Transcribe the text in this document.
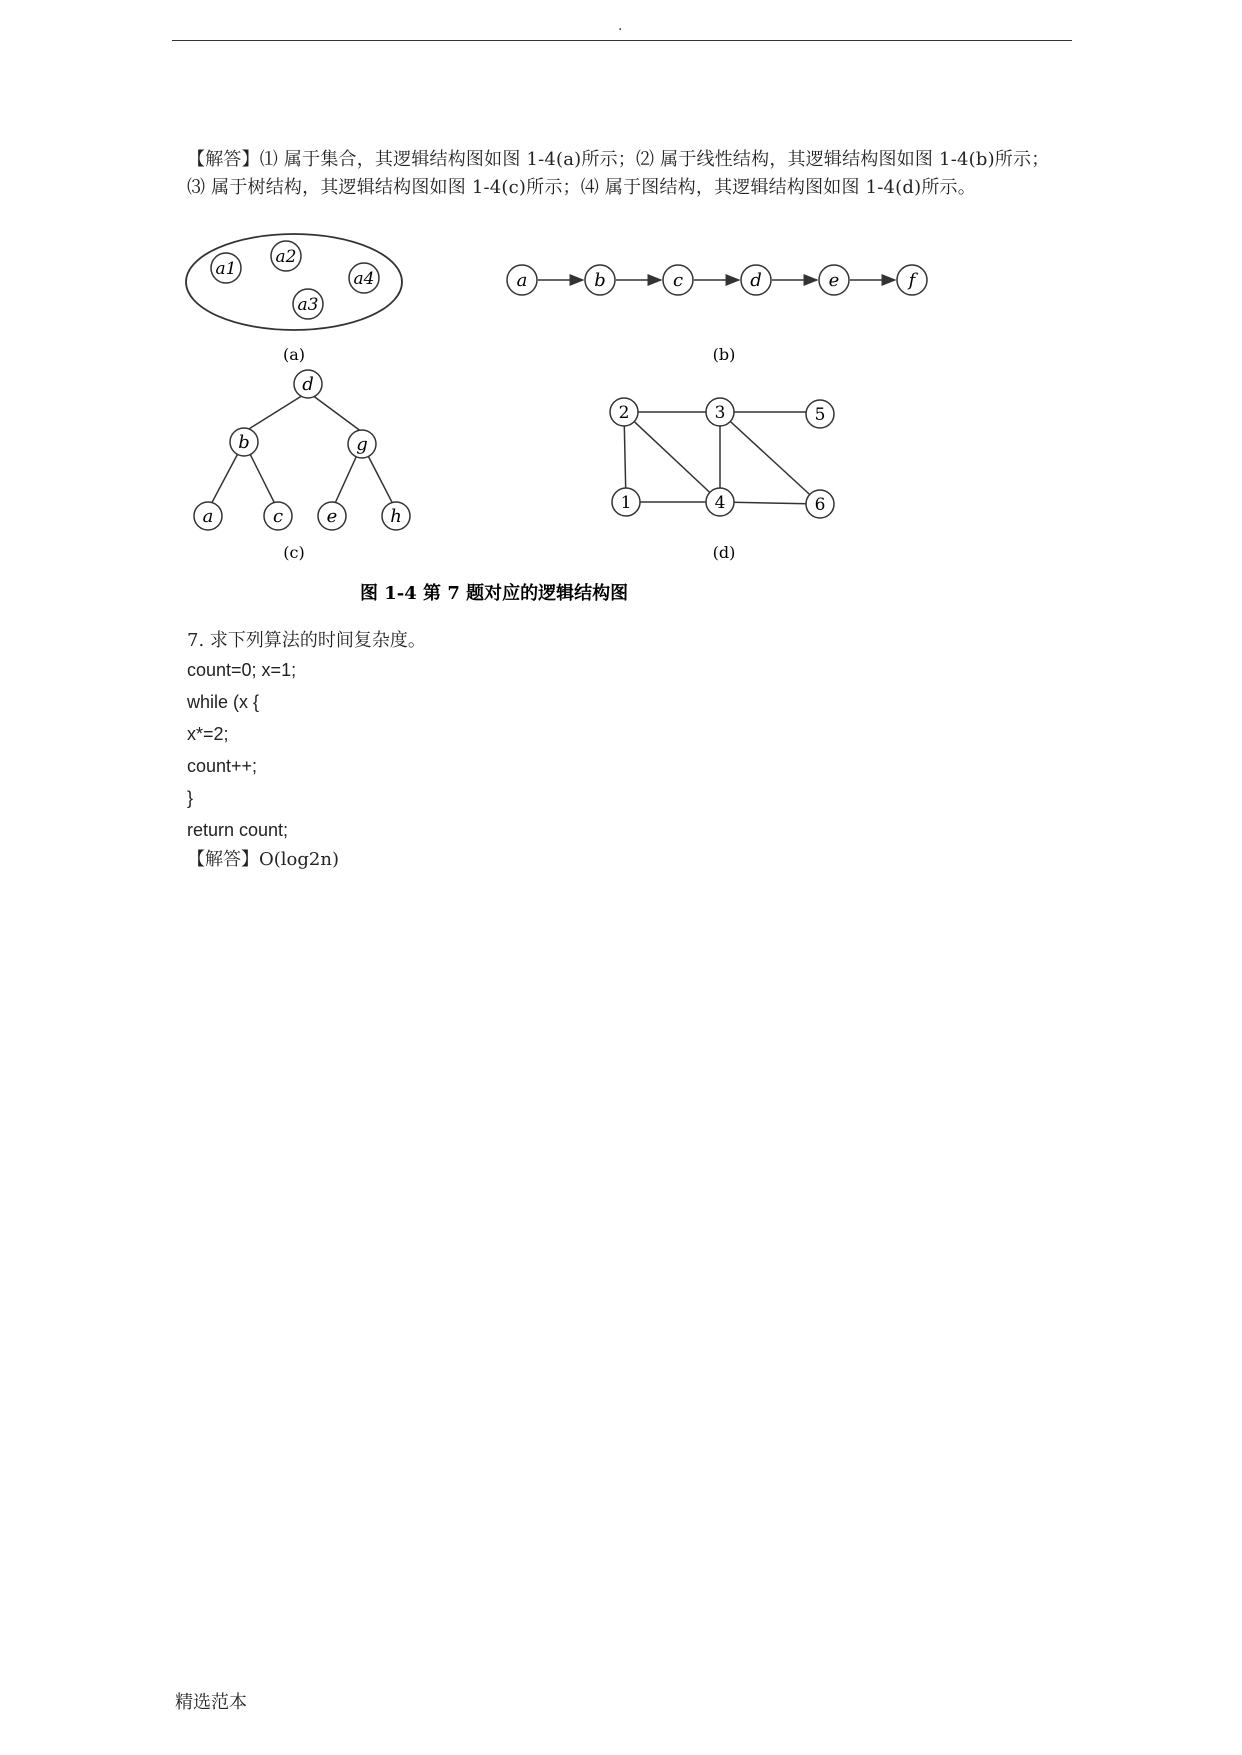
.
【解答】⑴ 属于集合，其逻辑结构图如图 1-4(a)所示；⑵ 属于线性结构，其逻辑结构图如图 1-4(b)所示；
⑶ 属于树结构，其逻辑结构图如图 1-4(c)所示；⑷ 属于图结构，其逻辑结构图如图 1-4(d)所示。
a1
a2
a3
a4
(a)
a	b	c	d	e	f
(b)
d
b	g
a	c e	h
(c)
2	3	5
1	4	6
(d)
图 1-4 第 7 题对应的逻辑结构图
7. 求下列算法的时间复杂度。
count=0; x=1;
while (x {
x*=2;
count++;
}
return count;
【解答】O(log2n)
精选范本
